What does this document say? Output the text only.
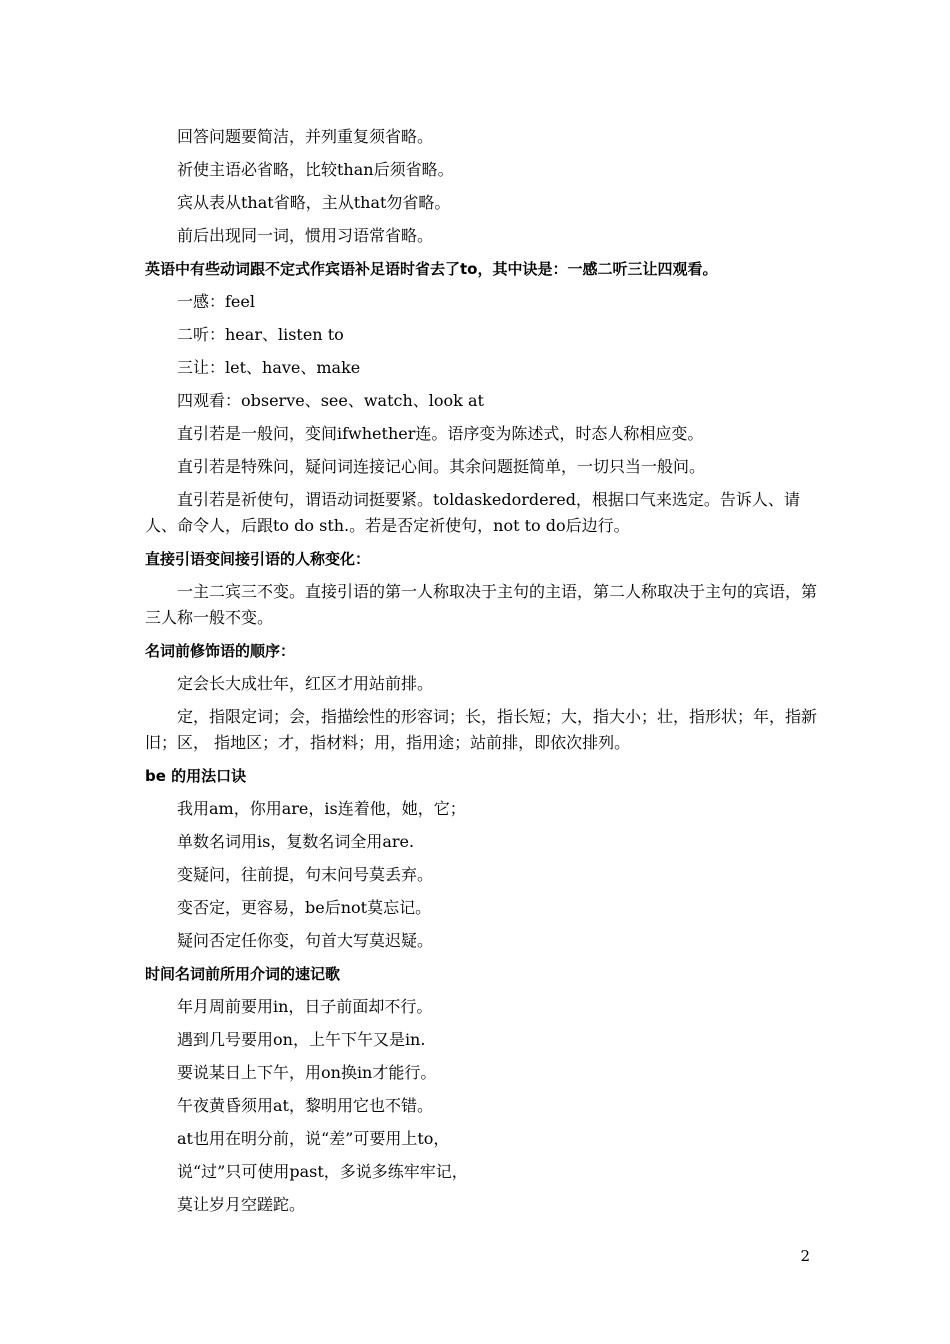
回答问题要简洁，并列重复须省略。

祈使主语必省略，比较than后须省略。

宾从表从that省略，主从that勿省略。

前后出现同一词，惯用习语常省略。

英语中有些动词跟不定式作宾语补足语时省去了to，其中诀是：一感二听三让四观看。

一感：feel

二听：hear、listen to

三让：let、have、make

四观看：observe、see、watch、look at

直引若是一般问，变间ifwhether连。语序变为陈述式，时态人称相应变。

直引若是特殊问，疑问词连接记心间。其余问题挺简单，一切只当一般问。

直引若是祈使句，谓语动词挺要紧。toldaskedordered，根据口气来选定。告诉人、请人、命令人，后跟to do sth.。若是否定祈使句，not to do后边行。

直接引语变间接引语的人称变化：

一主二宾三不变。直接引语的第一人称取决于主句的主语，第二人称取决于主句的宾语，第三人称一般不变。

名词前修饰语的顺序：

定会长大成壮年，红区才用站前排。

定，指限定词；会，指描绘性的形容词；长，指长短；大，指大小；壮，指形状；年，指新旧；区， 指地区；才，指材料；用，指用途；站前排，即依次排列。

be 的用法口诀

我用am，你用are，is连着他，她，它；

单数名词用is，复数名词全用are.

变疑问，往前提，句末问号莫丢弃。

变否定，更容易，be后not莫忘记。

疑问否定任你变，句首大写莫迟疑。

时间名词前所用介词的速记歌

年月周前要用in，日子前面却不行。

遇到几号要用on，上午下午又是in.

要说某日上下午，用on换in才能行。

午夜黄昏须用at，黎明用它也不错。

at也用在明分前，说“差”可要用上to，

说“过”只可使用past，多说多练牢牢记，

莫让岁月空蹉跎。

2
